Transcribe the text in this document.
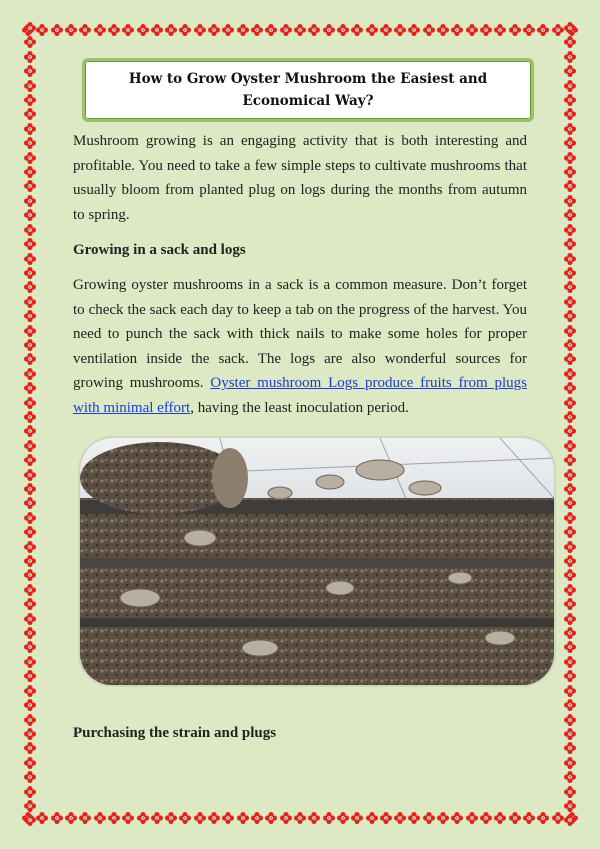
How to Grow Oyster Mushroom the Easiest and Economical Way?

Mushroom growing is an engaging activity that is both interesting and profitable. You need to take a few simple steps to cultivate mushrooms that usually bloom from planted plug on logs during the months from autumn to spring.

Growing in a sack and logs

Growing oyster mushrooms in a sack is a common measure. Don’t forget to check the sack each day to keep a tab on the progress of the harvest. You need to punch the sack with thick nails to make some holes for proper ventilation inside the sack. The logs are also wonderful sources for growing mushrooms. Oyster mushroom Logs produce fruits from plugs with minimal effort, having the least inoculation period.

Purchasing the strain and plugs
